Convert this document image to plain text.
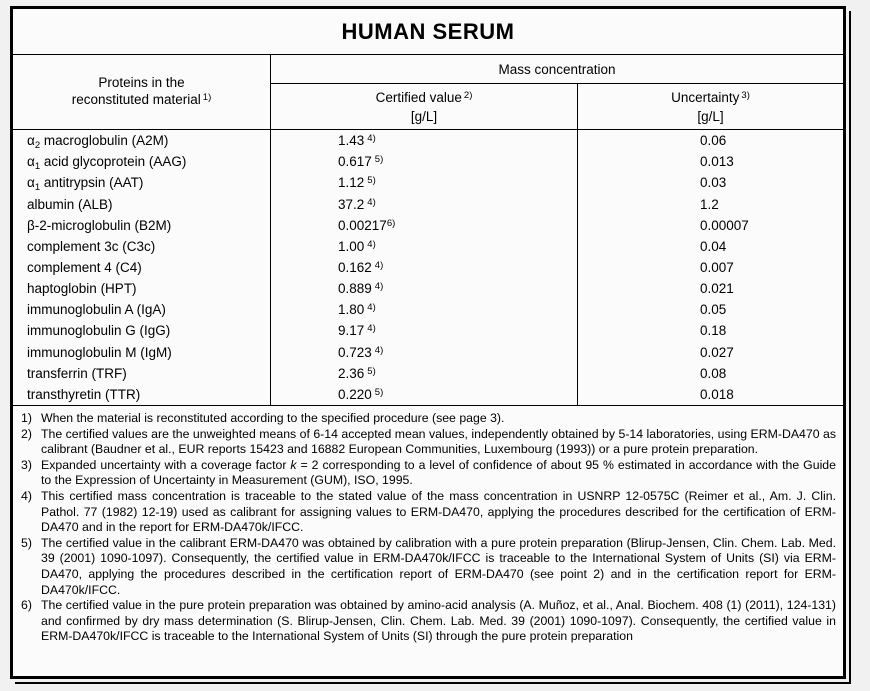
HUMAN SERUM
Proteins in the
reconstituted material $^{1)}$
Mass concentration
Certified value $^{2)}$
[g/L]
Uncertainty $^{3)}$
[g/L]
$\alpha_2$ macroglobulin (A2M)	1.43 $^{4)}$	0.06
$\alpha_1$ acid glycoprotein (AAG)	0.617 $^{5)}$	0.013
$\alpha_1$ antitrypsin (AAT)	1.12 $^{5)}$	0.03
albumin (ALB)	37.2 $^{4)}$	1.2
β-2-microglobulin (B2M)	0.00217$^{6)}$	0.00007
complement 3c (C3c)	1.00 $^{4)}$	0.04
complement 4 (C4)	0.162 $^{4)}$	0.007
haptoglobin (HPT)	0.889 $^{4)}$	0.021
immunoglobulin A (IgA)	1.80 $^{4)}$	0.05
immunoglobulin G (IgG)	9.17 $^{4)}$	0.18
immunoglobulin M (IgM)	0.723 $^{4)}$	0.027
transferrin (TRF)	2.36 $^{5)}$	0.08
transthyretin (TTR)	0.220 $^{5)}$	0.018
1) When the material is reconstituted according to the specified procedure (see page 3).
2) The certified values are the unweighted means of 6-14 accepted mean values, independently obtained by 5-14 laboratories, using ERM-DA470 as calibrant (Baudner et al., EUR reports 15423 and 16882 European Communities, Luxembourg (1993)) or a pure protein preparation.
3) Expanded uncertainty with a coverage factor k = 2 corresponding to a level of confidence of about 95 % estimated in accordance with the Guide to the Expression of Uncertainty in Measurement (GUM), ISO, 1995.
4) This certified mass concentration is traceable to the stated value of the mass concentration in USNRP 12-0575C (Reimer et al., Am. J. Clin. Pathol. 77 (1982) 12-19) used as calibrant for assigning values to ERM-DA470, applying the procedures described for the certification of ERM-DA470 and in the report for ERM-DA470k/IFCC.
5) The certified value in the calibrant ERM-DA470 was obtained by calibration with a pure protein preparation (Blirup-Jensen, Clin. Chem. Lab. Med. 39 (2001) 1090-1097). Consequently, the certified value in ERM-DA470k/IFCC is traceable to the International System of Units (SI) via ERM-DA470, applying the procedures described in the certification report of ERM-DA470 (see point 2) and in the certification report for ERM-DA470k/IFCC.
6) The certified value in the pure protein preparation was obtained by amino-acid analysis (A. Muñoz, et al., Anal. Biochem. 408 (1) (2011), 124-131) and confirmed by dry mass determination (S. Blirup-Jensen, Clin. Chem. Lab. Med. 39 (2001) 1090-1097). Consequently, the certified value in ERM-DA470k/IFCC is traceable to the International System of Units (SI) through the pure protein preparation
